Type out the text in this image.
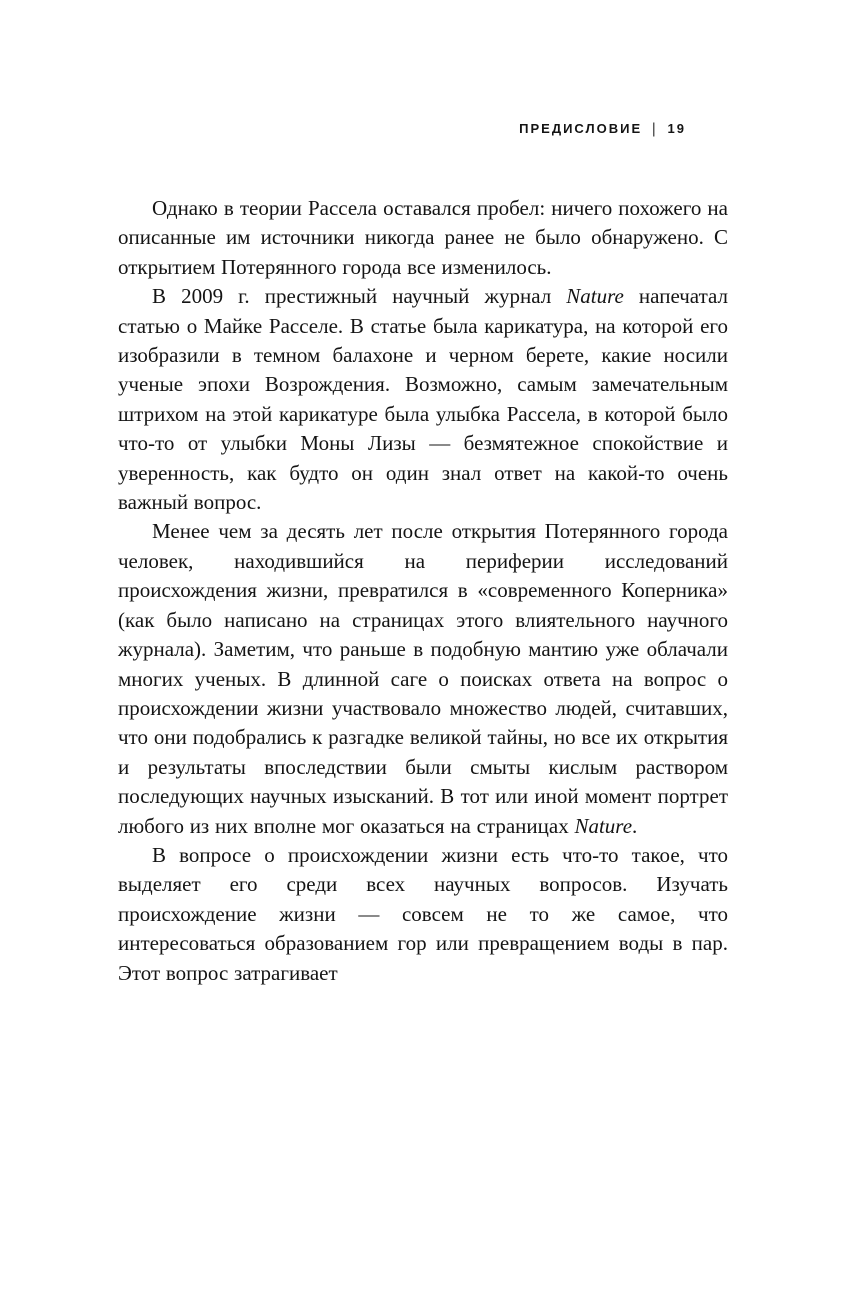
ПРЕДИСЛОВИЕ | 19

Однако в теории Рассела оставался пробел: ничего похожего на описанные им источники никогда ранее не было обнаружено. С открытием Потерянного города все изменилось.

В 2009 г. престижный научный журнал Nature напечатал статью о Майке Расселе. В статье была карикатура, на которой его изобразили в темном балахоне и черном берете, какие носили ученые эпохи Возрождения. Возможно, самым замечательным штрихом на этой карикатуре была улыбка Рассела, в которой было что-то от улыбки Моны Лизы — безмятежное спокойствие и уверенность, как будто он один знал ответ на какой-то очень важный вопрос.

Менее чем за десять лет после открытия Потерянного города человек, находившийся на периферии исследований происхождения жизни, превратился в «современного Коперника» (как было написано на страницах этого влиятельного научного журнала). Заметим, что раньше в подобную мантию уже облачали многих ученых. В длинной саге о поисках ответа на вопрос о происхождении жизни участвовало множество людей, считавших, что они подобрались к разгадке великой тайны, но все их открытия и результаты впоследствии были смыты кислым раствором последующих научных изысканий. В тот или иной момент портрет любого из них вполне мог оказаться на страницах Nature.

В вопросе о происхождении жизни есть что-то такое, что выделяет его среди всех научных вопросов. Изучать происхождение жизни — совсем не то же самое, что интересоваться образованием гор или превращением воды в пар. Этот вопрос затрагивает
